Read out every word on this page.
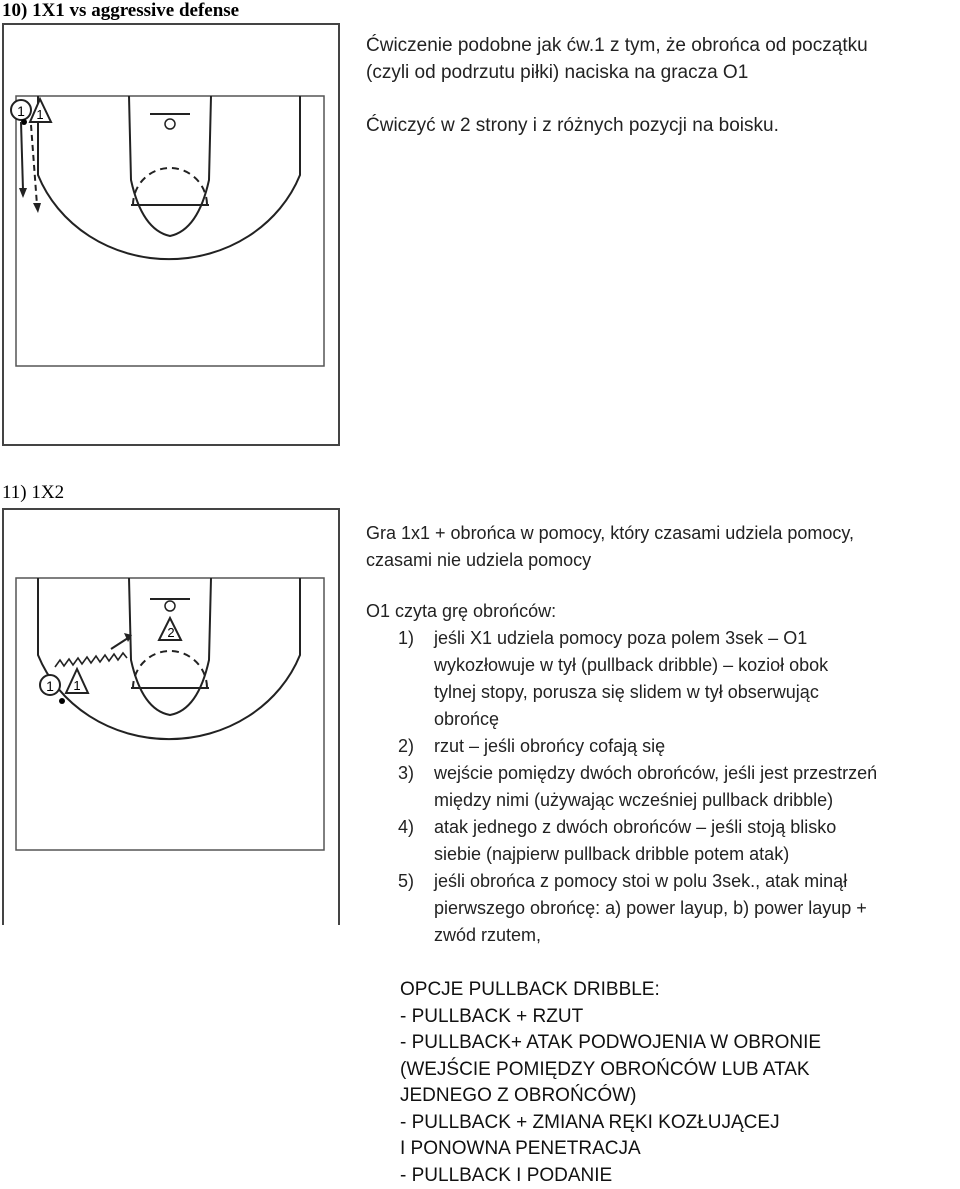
10) 1X1 vs aggressive defense
1 1

Ćwiczenie podobne jak ćw.1 z tym, że obrońca od początku

(czyli od podrzutu piłki) naciska na gracza O1

Ćwiczyć w 2 strony i z różnych pozycji na boisku.

11) 1X2
2
1 1

Gra 1x1 + obrońca w pomocy, który czasami udziela pomocy,

czasami nie udziela pomocy

O1 czyta grę obrońców:

1) jeśli X1 udziela pomocy poza polem 3sek – O1
wykozłowuje w tył (pullback dribble) – kozioł obok
tylnej stopy, porusza się slidem w tył obserwując
obrońcę
2) rzut – jeśli obrońcy cofają się
3) wejście pomiędzy dwóch obrońców, jeśli jest przestrzeń
między nimi (używając wcześniej pullback dribble)
4) atak jednego z dwóch obrońców – jeśli stoją blisko
siebie (najpierw pullback dribble potem atak)
5) jeśli obrońca z pomocy stoi w polu 3sek., atak minął
pierwszego obrońcę: a) power layup, b) power layup +
zwód rzutem,
OPCJE PULLBACK DRIBBLE:
- PULLBACK + RZUT
- PULLBACK+ ATAK PODWOJENIA W OBRONIE
(WEJŚCIE POMIĘDZY OBROŃCÓW LUB ATAK
JEDNEGO Z OBROŃCÓW)
- PULLBACK + ZMIANA RĘKI KOZŁUJĄCEJ
I PONOWNA PENETRACJA
- PULLBACK I PODANIE
